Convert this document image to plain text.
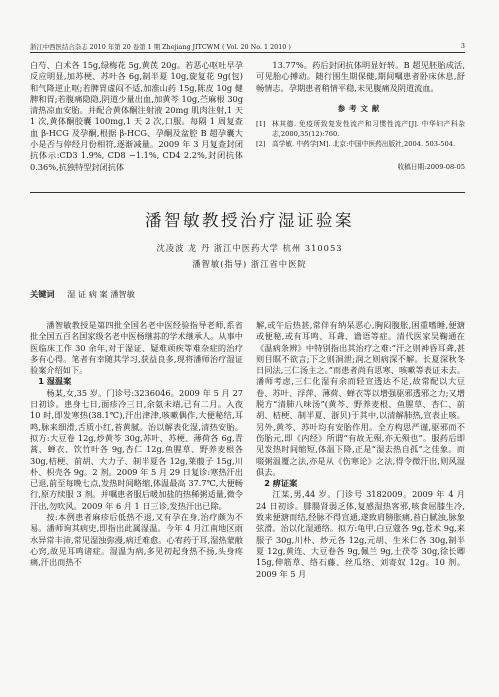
浙江中西医结合杂志 2010 年第 20 卷第 1 期 Zhejiang JITCWM ( Vol. 20 No. 1 2010 )	3

白芍、白术各 15g,绿梅花 5g,黄芪 20g。若恶心呕吐早孕反应明显,加苏梗、苏叶各 6g,制半夏 10g,旋复花 9g(包)和气降逆止呕;若脾胃虚闷不适,加淮山药 15g,陈皮 10g 健脾和胃;若腹痛隐隐,阴道少量出血,加黄芩 10g,苎麻根 30g 清热凉血安胎。并配合黄体酮注射液 20mg 肌肉注射,1 天 1 次,黄体酮胶囊 100mg,1 天 2 次,口服。每隔 1 周复查血 β-HCG 及孕酮,根据 β-HCG、孕酮及盆腔 B 超孕囊大小是否与停经月份相符,逐渐减量。2009 年 3 月复查封闭抗体示:CD3 1.9%, CD8 −1.1%, CD4 2.2%,封闭抗体 0.36%,抗独特型封闭抗体

13.77%。药后封闭抗体明显好转。B 超见胚胎成活,可见胎心搏动。随行围生期保健,期间嘱患者卧床休息,舒畅情志。孕期患者稍情平稳,未见腹痛及阴道流血。

参考文献
[1] 林其德. 免疫所致复发性流产和习惯性流产[J]. 中华妇产科杂志,2000,35(12):760.
[2] 高学敏. 中药学[M]. 北京:中国中医药出版社,2004. 503-504.
收稿日期:2009-08-05
潘智敏教授治疗湿证验案
沈凌波 龙 丹 浙江中医药大学 杭州 310053
潘智敏(指导) 浙江省中医院
关键词 湿 证 病 案 潘智敏

潘智敏教授是第四批全国名老中医经验指导老师,系省批全国五百名国家级名老中医杨继荪的学术继承人。从事中医临床工作 30 余年,对于湿证、疑难顽疾等难杂症的治疗多有心得。笔者有幸随其学习,获益良多,现将潘师治疗湿证验案介绍如下。

1 湿温案

杨某,女,35 岁。门诊号:3236046。2009 年 5 月 27 日初诊。患身七日,面疹冷三日,余氨未靖,已有二月。入夜 10 时,即发寒热(38.1℃),汗出津津,咳嗽偶作,大便秘结,耳鸣,脉来细滑,舌质小红,苔黄腻。治以解表化湿,清热安胎。拟方:大豆卷 12g,炒黄芩 30g,苏叶、苏梗、薄荷各 6g,青蒿、蝉衣、饮竹叶各 9g,杏仁 12g,鱼腥草、野养麦根各 30g,桔梗、前胡、大力子、制半夏各 12g,莱菔子 15g,川朴、枳壳各 9g。2 剂。2009 年 5 月 29 日复诊:寒热汗出已退,前至每晚七点,发热时间略缩,体温最高 37.7℃,大便畅行,原方续服 3 剂。并嘱患者服后暖加盐的热稀粥适量,微令汗出,勿吹风。2009 年 6 月 1 日三诊,发热汗出已除。

按:本例患者麻疹后低热不退,又有孕在身,治疗颇为不易。潘师询其病史,即指出此属湿温。今年 4 月江南地区雨水异常丰沛,常见湿浊弥漫,病迁难愈。心宥药于耳,湿热蒙敝心窍,故见耳鸣诸症。湿温为病,多见初起身热不扬,头身疼痛,汗出而热不

解,或午后热甚,常伴有纳呆恶心,胸闷腹胀,困重嗜睡,便溏或便秘,或有耳鸣、耳聋、谵语等症。清代医家吴鞠通在《温病条辨》中特别指出其治疗之难:“汗之则神昏耳聋,甚则目瞑不欲言;下之则洞泄;润之则病深不解。长夏深秋冬日同法,三仁汤主之。”而患者尚有思寒、咳嗽等表证未去。潘师考虑,三仁化湿有余而轻宣透达不足,故常配以大豆卷、苏叶、浮萍、薄荷、蝉衣等以增强驱邪透邪之力;又增脱方“清肺八味汤”(黄芩、野养麦根、鱼腥草、杏仁、前胡、桔梗、制半夏、浙贝)于其中,以清解肺热,宣表止咳。另外,黄芩、苏叶均有安胎作用。全方构思严谨,驱邪而不伤胎元,即《内经》所谓“有故无殒,亦无殒也”。服药后即见发热时间缩短,体温下降,正是“湿去热自孤”之佳象。而啜粥温覆之法,亦是从《伤寒论》之法,得令微汗出,则风湿俱去。

2 痹证案

江某,男,44 岁。门诊号 3182009。2009 年 4 月 24 日初诊。腓腸肾弱乏体,复感湿热客邪,咳食屈膝生冷,致来便溏而结,经脉不得宣通,遂致肩膀胀痛,苔白腻浊,脉象弦滑。治以化湿通络。拟方:龟甲,白豆蔻各 9g,苍术 9g,来服子 30g,川朴、炒元各 12g,元胡、生米仁各 30g,制半夏 12g,黄连、大豆卷各 9g,佩兰 9g,土茯苓 30g,徐长卿 15g,伸筋草、络石藤、丝瓜络、刘寄奴 12g。10 剂。2009 年 5 月
